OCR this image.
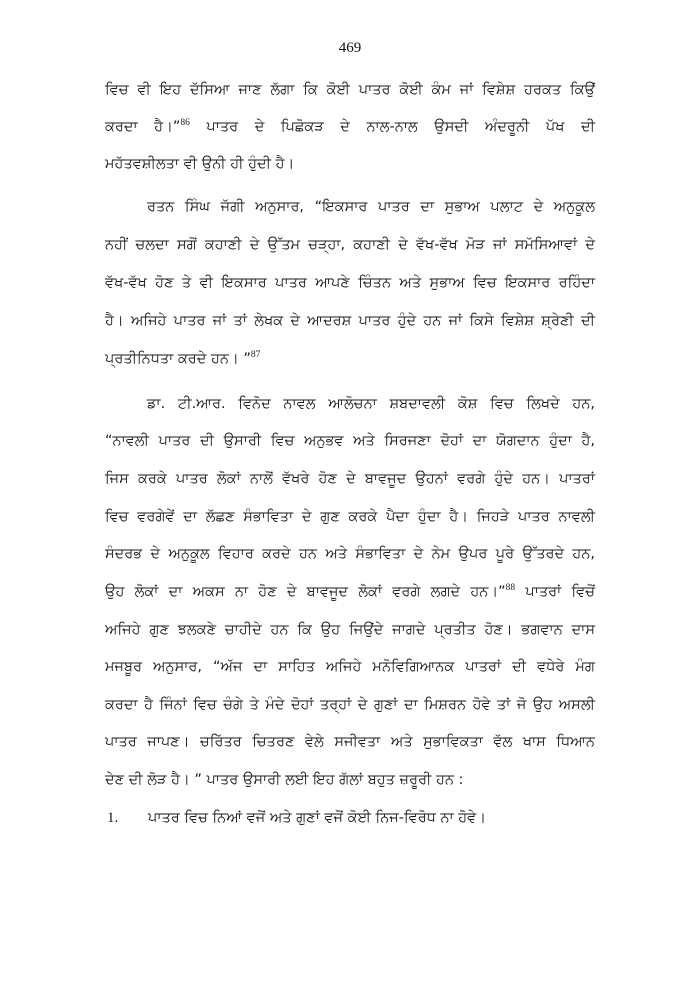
469
ਵਿਚ ਵੀ ਇਹ ਦੱਸਿਆ ਜਾਣ ਲੱਗਾ ਕਿ ਕੋਈ ਪਾਤਰ ਕੋਈ ਕੰਮ ਜਾਂ ਵਿਸ਼ੇਸ਼ ਹਰਕਤ ਕਿਉਂ
ਕਰਦਾ ਹੈ।”$^{86}$ ਪਾਤਰ ਦੇ ਪਿਛੋਕੜ ਦੇ ਨਾਲ-ਨਾਲ ਉਸਦੀ ਅੰਦਰੂਨੀ ਪੱਖ ਦੀ
ਮਹੱਤਵਸ਼ੀਲਤਾ ਵੀ ਉਨੀ ਹੀ ਹੁੰਦੀ ਹੈ।
ਰਤਨ ਸਿੰਘ ਜੱਗੀ ਅਨੁਸਾਰ, “ਇਕਸਾਰ ਪਾਤਰ ਦਾ ਸੁਭਾਅ ਪਲਾਟ ਦੇ ਅਨੁਕੂਲ
ਨਹੀਂ ਚਲਦਾ ਸਗੋਂ ਕਹਾਣੀ ਦੇ ਉੱਤਮ ਚੜ੍ਹਾ, ਕਹਾਣੀ ਦੇ ਵੱਖ-ਵੱਖ ਮੋੜ ਜਾਂ ਸਮੱਸਿਆਵਾਂ ਦੇ
ਵੱਖ-ਵੱਖ ਹੋਣ ਤੇ ਵੀ ਇਕਸਾਰ ਪਾਤਰ ਆਪਣੇ ਚਿੰਤਨ ਅਤੇ ਸੁਭਾਅ ਵਿਚ ਇਕਸਾਰ ਰਹਿੰਦਾ
ਹੈ। ਅਜਿਹੇ ਪਾਤਰ ਜਾਂ ਤਾਂ ਲੇਖਕ ਦੇ ਆਦਰਸ਼ ਪਾਤਰ ਹੁੰਦੇ ਹਨ ਜਾਂ ਕਿਸੇ ਵਿਸ਼ੇਸ਼ ਸ਼੍ਰੇਣੀ ਦੀ
ਪ੍ਰਤੀਨਿਧਤਾ ਕਰਦੇ ਹਨ। ”$^{87}$
ਡਾ. ਟੀ.ਆਰ. ਵਿਨੋਦ ਨਾਵਲ ਆਲੋਚਨਾ ਸ਼ਬਦਾਵਲੀ ਕੋਸ਼ ਵਿਚ ਲਿਖਦੇ ਹਨ,
“ਨਾਵਲੀ ਪਾਤਰ ਦੀ ਉਸਾਰੀ ਵਿਚ ਅਨੁਭਵ ਅਤੇ ਸਿਰਜਣਾ ਦੋਹਾਂ ਦਾ ਯੋਗਦਾਨ ਹੁੰਦਾ ਹੈ,
ਜਿਸ ਕਰਕੇ ਪਾਤਰ ਲੋਕਾਂ ਨਾਲੋਂ ਵੱਖਰੇ ਹੋਣ ਦੇ ਬਾਵਜੂਦ ਉਹਨਾਂ ਵਰਗੇ ਹੁੰਦੇ ਹਨ। ਪਾਤਰਾਂ
ਵਿਚ ਵਰਗੇਵੇਂ ਦਾ ਲੱਛਣ ਸੰਭਾਵਿਤਾ ਦੇ ਗੁਣ ਕਰਕੇ ਪੈਦਾ ਹੁੰਦਾ ਹੈ। ਜਿਹੜੇ ਪਾਤਰ ਨਾਵਲੀ
ਸੰਦਰਭ ਦੇ ਅਨੁਕੂਲ ਵਿਹਾਰ ਕਰਦੇ ਹਨ ਅਤੇ ਸੰਭਾਵਿਤਾ ਦੇ ਨੇਮ ਉਪਰ ਪੂਰੇ ਉੱਤਰਦੇ ਹਨ,
ਉਹ ਲੋਕਾਂ ਦਾ ਅਕਸ ਨਾ ਹੋਣ ਦੇ ਬਾਵਜੂਦ ਲੋਕਾਂ ਵਰਗੇ ਲਗਦੇ ਹਨ।”$^{88}$ ਪਾਤਰਾਂ ਵਿਚੋਂ
ਅਜਿਹੇ ਗੁਣ ਝਲਕਣੇ ਚਾਹੀਦੇ ਹਨ ਕਿ ਉਹ ਜਿਉਂਦੇ ਜਾਗਦੇ ਪ੍ਰਤੀਤ ਹੋਣ। ਭਗਵਾਨ ਦਾਸ
ਮਜਬੂਰ ਅਨੁਸਾਰ, “ਅੱਜ ਦਾ ਸਾਹਿਤ ਅਜਿਹੇ ਮਨੋਵਿਗਿਆਨਕ ਪਾਤਰਾਂ ਦੀ ਵਧੇਰੇ ਮੰਗ
ਕਰਦਾ ਹੈ ਜਿੰਨਾਂ ਵਿਚ ਚੰਗੇ ਤੇ ਮੰਦੇ ਦੋਹਾਂ ਤਰ੍ਹਾਂ ਦੇ ਗੁਣਾਂ ਦਾ ਮਿਸ਼ਰਨ ਹੋਵੇ ਤਾਂ ਜੋ ਉਹ ਅਸਲੀ
ਪਾਤਰ ਜਾਪਣ। ਚਰਿੱਤਰ ਚਿਤਰਣ ਵੇਲੇ ਸਜੀਵਤਾ ਅਤੇ ਸੁਭਾਵਿਕਤਾ ਵੱਲ ਖਾਸ ਧਿਆਨ
ਦੇਣ ਦੀ ਲੋੜ ਹੈ। ” ਪਾਤਰ ਉਸਾਰੀ ਲਈ ਇਹ ਗੱਲਾਂ ਬਹੁਤ ਜ਼ਰੂਰੀ ਹਨ :
1. ਪਾਤਰ ਵਿਚ ਨਿਆਂ ਵਜੋਂ ਅਤੇ ਗੁਣਾਂ ਵਜੋਂ ਕੋਈ ਨਿਜ-ਵਿਰੋਧ ਨਾ ਹੋਵੇ।
